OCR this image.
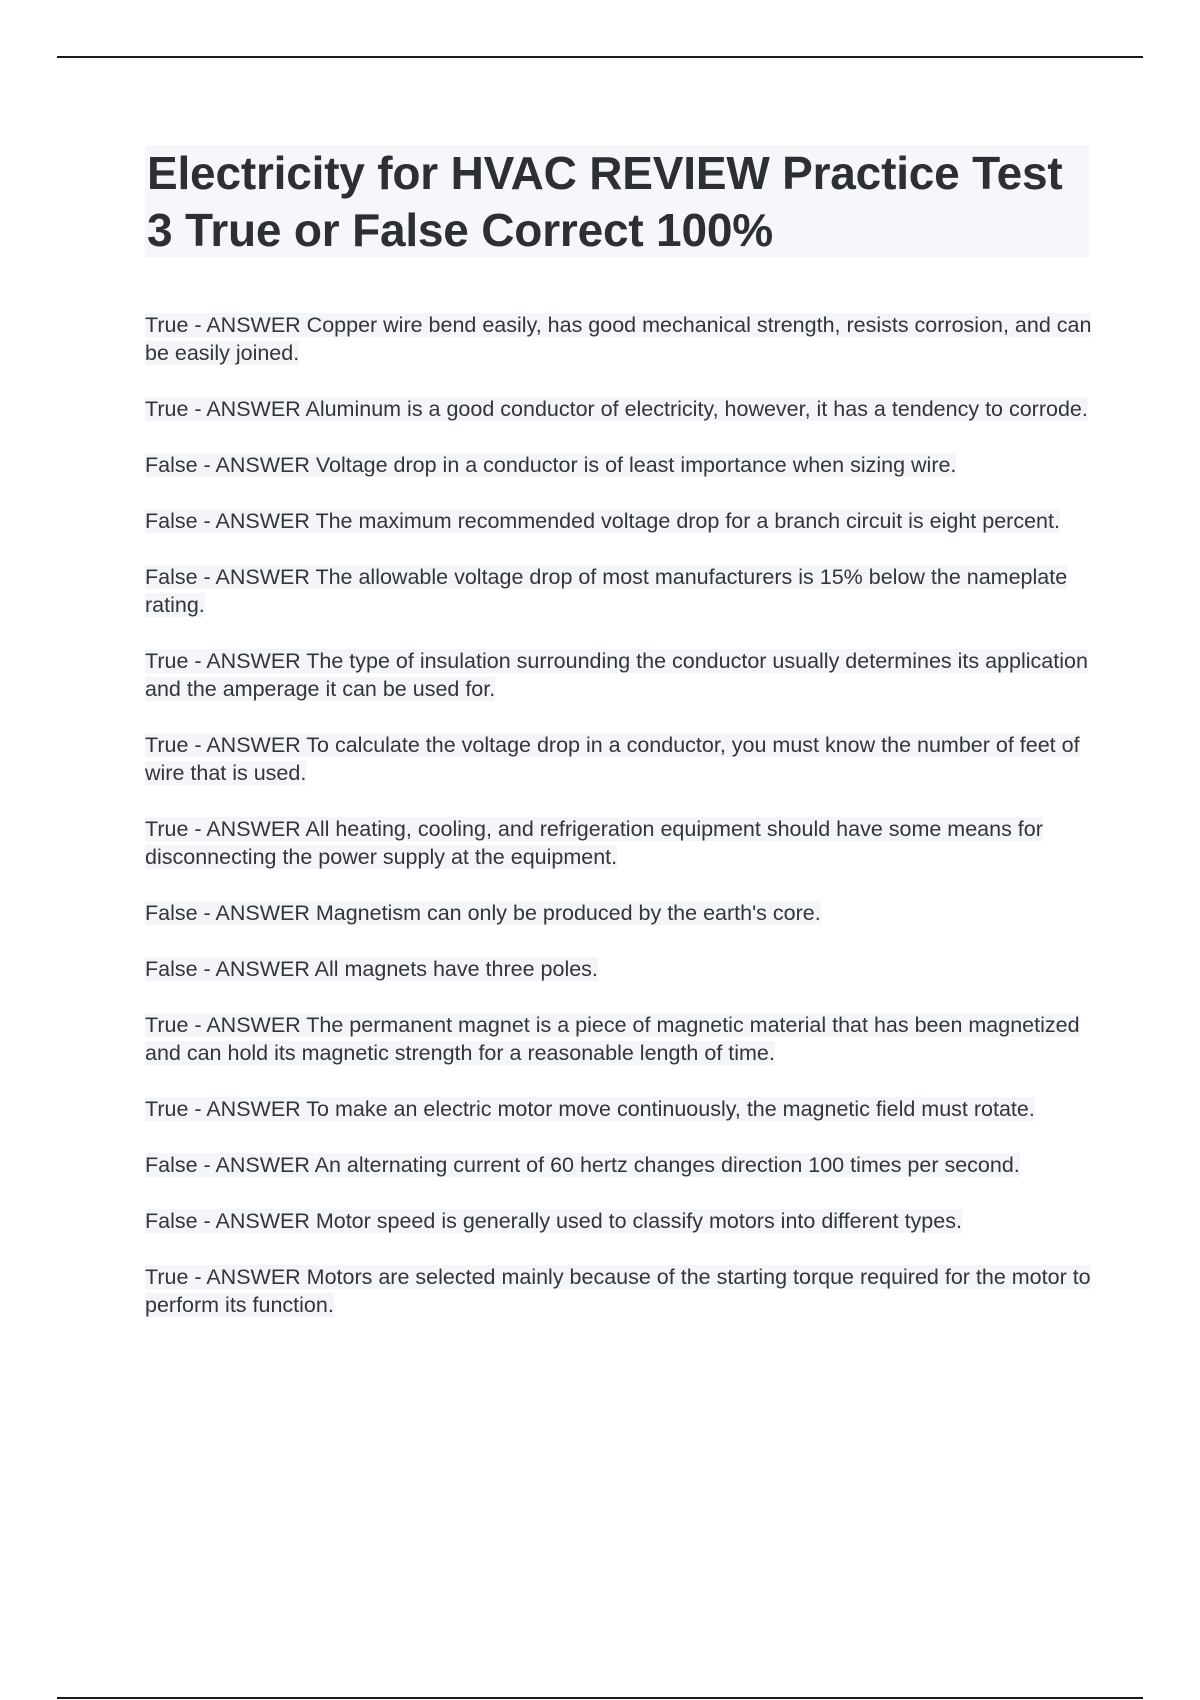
Electricity for HVAC REVIEW Practice Test 3 True or False Correct 100%
True - ANSWER Copper wire bend easily, has good mechanical strength, resists corrosion, and can be easily joined.
True - ANSWER Aluminum is a good conductor of electricity, however, it has a tendency to corrode.
False - ANSWER Voltage drop in a conductor is of least importance when sizing wire.
False - ANSWER The maximum recommended voltage drop for a branch circuit is eight percent.
False - ANSWER The allowable voltage drop of most manufacturers is 15% below the nameplate rating.
True - ANSWER The type of insulation surrounding the conductor usually determines its application and the amperage it can be used for.
True - ANSWER To calculate the voltage drop in a conductor, you must know the number of feet of wire that is used.
True - ANSWER All heating, cooling, and refrigeration equipment should have some means for disconnecting the power supply at the equipment.
False - ANSWER Magnetism can only be produced by the earth's core.
False - ANSWER All magnets have three poles.
True - ANSWER The permanent magnet is a piece of magnetic material that has been magnetized and can hold its magnetic strength for a reasonable length of time.
True - ANSWER To make an electric motor move continuously, the magnetic field must rotate.
False - ANSWER An alternating current of 60 hertz changes direction 100 times per second.
False - ANSWER Motor speed is generally used to classify motors into different types.
True - ANSWER Motors are selected mainly because of the starting torque required for the motor to perform its function.
